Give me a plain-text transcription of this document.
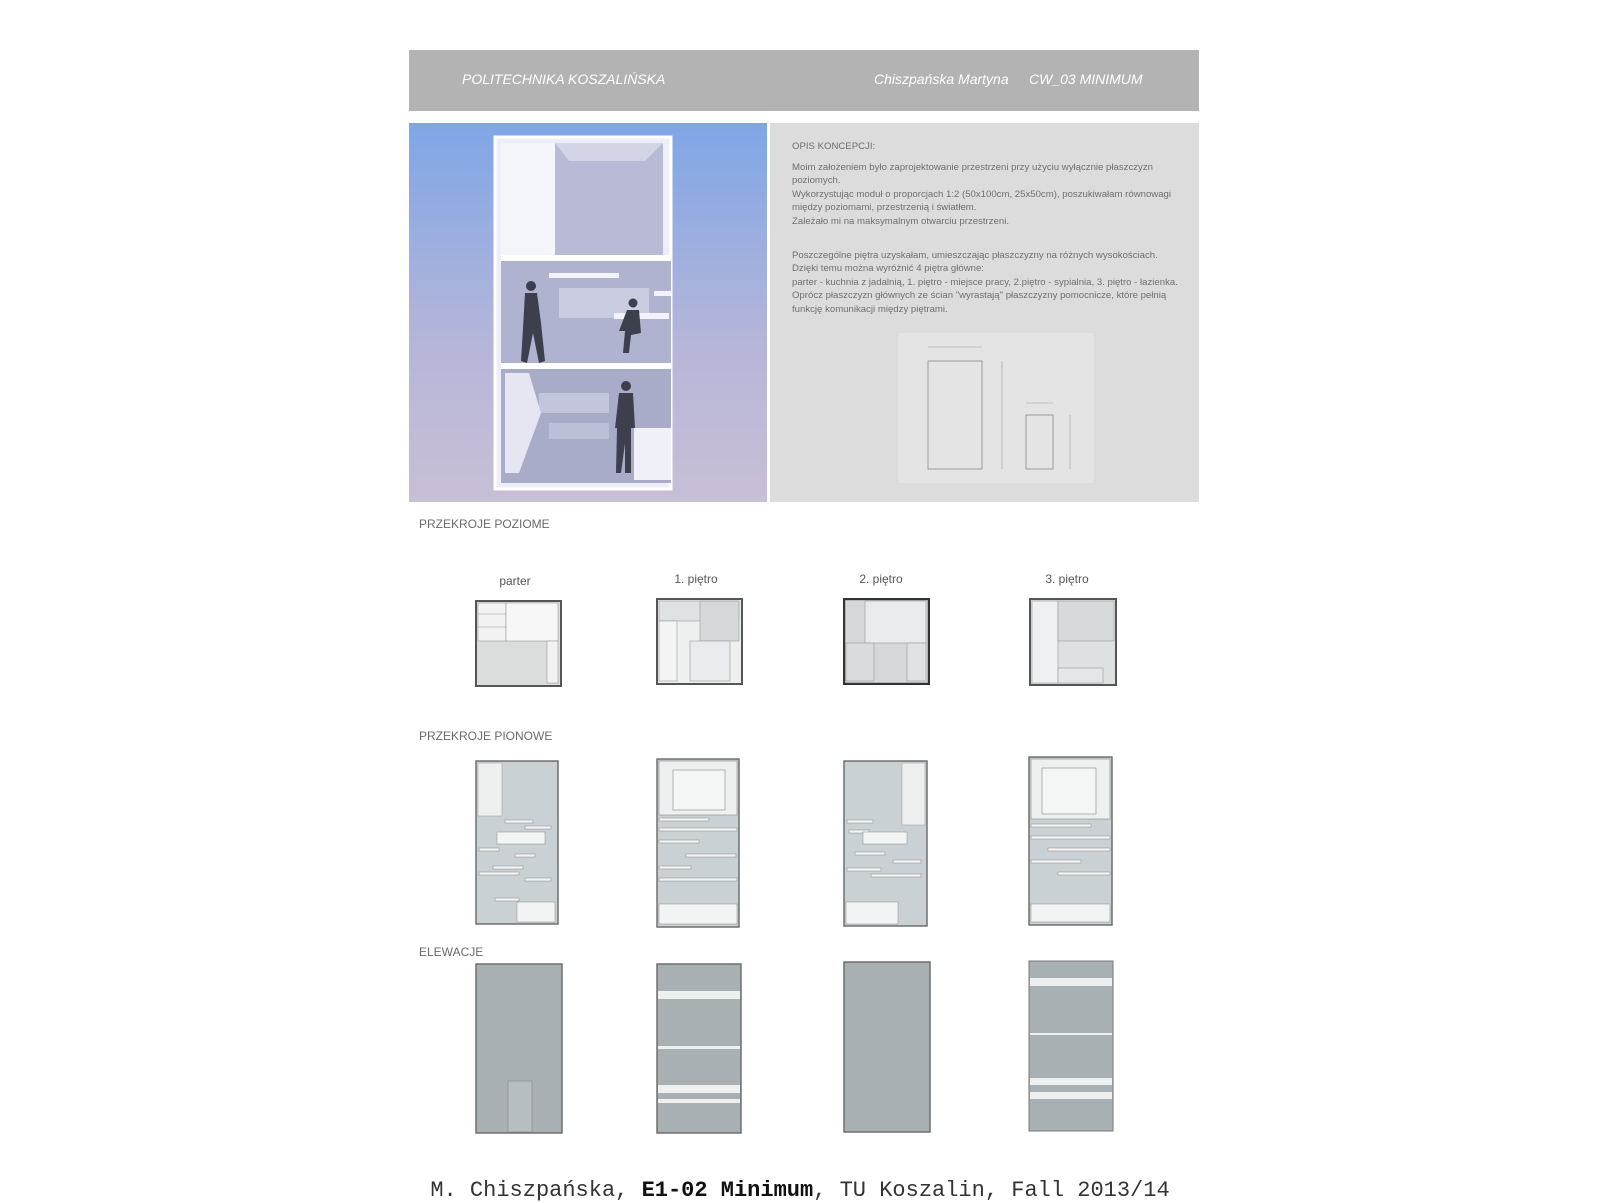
POLITECHNIKA KOSZALIŃSKA	Chiszpańska Martyna CW_03 MINIMUM
OPIS KONCEPCJI:
Moim założeniem było zaprojektowanie przestrzeni przy użyciu wyłącznie płaszczyzn poziomych.
Wykorzystując moduł o proporcjach 1:2 (50x100cm, 25x50cm), poszukiwałam równowagi między poziomami, przestrzenią i światłem.
Zależało mi na maksymalnym otwarciu przestrzeni.
Poszczególne piętra uzyskałam, umieszczając płaszczyzny na różnych wysokościach.
Dzięki temu można wyróżnić 4 piętra główne:
parter - kuchnia z jadalnią, 1. piętro - miejsce pracy, 2.piętro - sypialnia, 3. piętro - łazienka.
Oprócz płaszczyzn głównych ze ścian "wyrastają" płaszczyzny pomocnicze, które pełnią funkcję komunikacji między piętrami.
PRZEKROJE POZIOME
PRZEKROJE PIONOWE
ELEWACJE
parter	1. piętro	2. piętro	3. piętro
M. Chiszpańska, E1-02 Minimum, TU Koszalin, Fall 2013/14
